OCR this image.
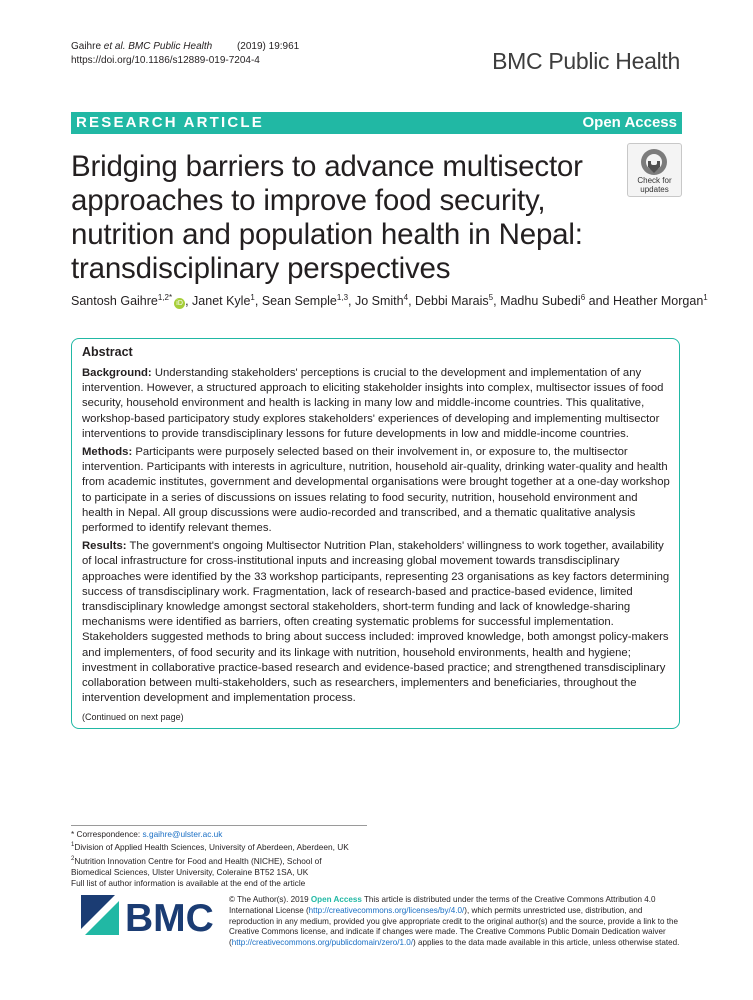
Gaihre et al. BMC Public Health (2019) 19:961
https://doi.org/10.1186/s12889-019-7204-4	BMC Public Health
RESEARCH ARTICLE	Open Access
Bridging barriers to advance multisector approaches to improve food security, nutrition and population health in Nepal: transdisciplinary perspectives
Check for
updates
Santosh Gaihre$^{1,2*}$iD , Janet Kyle$^1$, Sean Semple$^{1,3}$, Jo Smith$^4$, Debbi Marais$^5$, Madhu Subedi$^6$ and Heather Morgan$^1$
Abstract

Background: Understanding stakeholders' perceptions is crucial to the development and implementation of any intervention. However, a structured approach to eliciting stakeholder insights into complex, multisector issues of food security, household environment and health is lacking in many low and middle-income countries. This qualitative, workshop-based participatory study explores stakeholders' experiences of developing and implementing multisector interventions to provide transdisciplinary lessons for future developments in low and middle-income countries.

Methods: Participants were purposely selected based on their involvement in, or exposure to, the multisector intervention. Participants with interests in agriculture, nutrition, household air-quality, drinking water-quality and health from academic institutes, government and developmental organisations were brought together at a one-day workshop to participate in a series of discussions on issues relating to food security, nutrition, household environment and health in Nepal. All group discussions were audio-recorded and transcribed, and a thematic qualitative analysis performed to identify relevant themes.

Results: The government's ongoing Multisector Nutrition Plan, stakeholders' willingness to work together, availability of local infrastructure for cross-institutional inputs and increasing global movement towards transdisciplinary approaches were identified by the 33 workshop participants, representing 23 organisations as key factors determining success of transdisciplinary work. Fragmentation, lack of research-based and practice-based evidence, limited transdisciplinary knowledge amongst sectoral stakeholders, short-term funding and lack of knowledge-sharing mechanisms were identified as barriers, often creating systematic problems for successful implementation. Stakeholders suggested methods to bring about success included: improved knowledge, both amongst policy-makers and implementers, of food security and its linkage with nutrition, household environments, health and hygiene; investment in collaborative practice-based research and evidence-based practice; and strengthened transdisciplinary collaboration between multi-stakeholders, such as researchers, implementers and beneficiaries, throughout the intervention development and implementation process.

(Continued on next page)
* Correspondence: s.gaihre@ulster.ac.uk
$^1$Division of Applied Health Sciences, University of Aberdeen, Aberdeen, UK
$^2$Nutrition Innovation Centre for Food and Health (NICHE), School of
Biomedical Sciences, Ulster University, Coleraine BT52 1SA, UK
Full list of author information is available at the end of the article
BMC © The Author(s). 2019 Open Access This article is distributed under the terms of the Creative Commons Attribution 4.0 International License (http://creativecommons.org/licenses/by/4.0/), which permits unrestricted use, distribution, and reproduction in any medium, provided you give appropriate credit to the original author(s) and the source, provide a link to the Creative Commons license, and indicate if changes were made. The Creative Commons Public Domain Dedication waiver (http://creativecommons.org/publicdomain/zero/1.0/) applies to the data made available in this article, unless otherwise stated.
